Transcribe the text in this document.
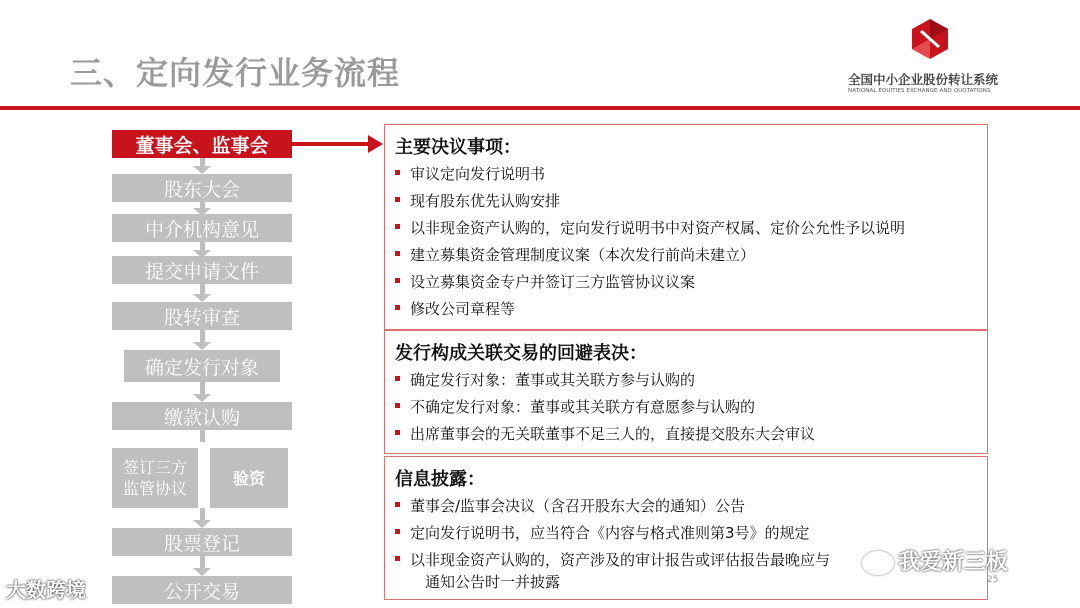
三、定向发行业务流程	全国中小企业股份转让系统
NATIONAL EQUITIES EXCHANGE AND QUOTATIONS
董事会、监事会
股东大会
中介机构意见
提交申请文件
股转审查
确定发行对象
缴款认购
签订三方
监管协议
验资
股票登记
公开交易
主要决议事项：
审议定向发行说明书
现有股东优先认购安排
以非现金资产认购的，定向发行说明书中对资产权属、定价公允性予以说明
建立募集资金管理制度议案（本次发行前尚未建立）
设立募集资金专户并签订三方监管协议议案
修改公司章程等
发行构成关联交易的回避表决：
确定发行对象：董事或其关联方参与认购的
不确定发行对象：董事或其关联方有意愿参与认购的
出席董事会的无关联董事不足三人的，直接提交股东大会审议
信息披露：
董事会/监事会决议（含召开股东大会的通知）公告
定向发行说明书，应当符合《内容与格式准则第3号》的规定
以非现金资产认购的，资产涉及的审计报告或评估报告最晚应与
通知公告时一并披露
我爱新三板
25
大数跨境
